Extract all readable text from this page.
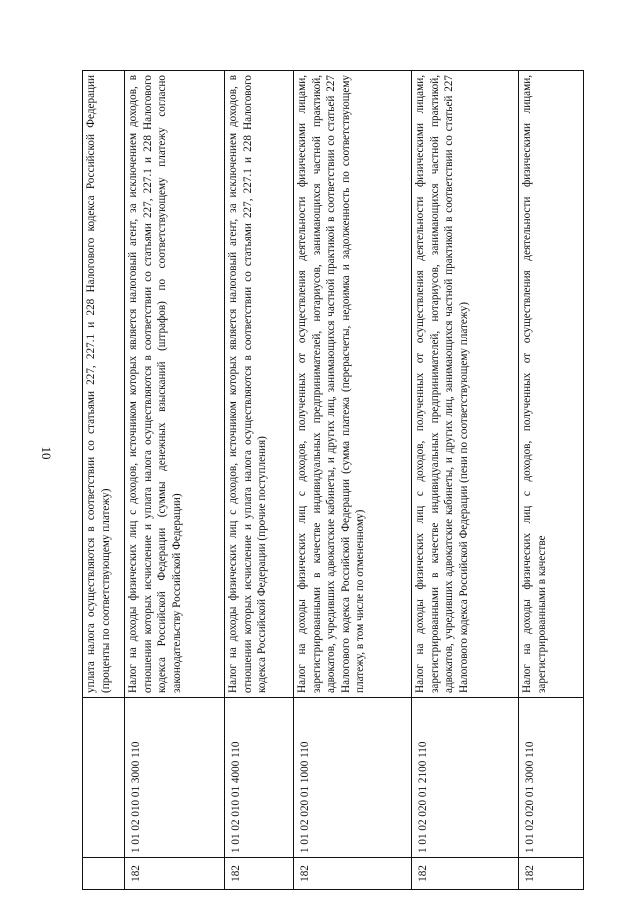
10
			уплата налога осуществляются в соответствии со статьями 227, 227.1 и 228 Налогового кодекса Российской Федерации (проценты по соответствующему платежу)
182	1 01 02 010 01 3000 110	Налог на доходы физических лиц с доходов, источником которых является налоговый агент, за исключением доходов, в отношении которых исчисление и уплата налога осуществляются в соответствии со статьями 227, 227.1 и 228 Налогового кодекса Российской Федерации (суммы денежных взысканий (штрафов) по соответствующему платежу согласно законодательству Российской Федерации)
182	1 01 02 010 01 4000 110	Налог на доходы физических лиц с доходов, источником которых является налоговый агент, за исключением доходов, в отношении которых исчисление и уплата налога осуществляются в соответствии со статьями 227, 227.1 и 228 Налогового кодекса Российской Федерации (прочие поступления)
182	1 01 02 020 01 1000 110	Налог на доходы физических лиц с доходов, полученных от осуществления деятельности физическими лицами, зарегистрированными в качестве индивидуальных предпринимателей, нотариусов, занимающихся частной практикой, адвокатов, учредивших адвокатские кабинеты, и других лиц, занимающихся частной практикой в соответствии со статьей 227 Налогового кодекса Российской Федерации (сумма платежа (перерасчеты, недоимка и задолженность по соответствующему платежу, в том числе по отмененному)
182	1 01 02 020 01 2100 110	Налог на доходы физических лиц с доходов, полученных от осуществления деятельности физическими лицами, зарегистрированными в качестве индивидуальных предпринимателей, нотариусов, занимающихся частной практикой, адвокатов, учредивших адвокатские кабинеты, и других лиц, занимающихся частной практикой в соответствии со статьей 227 Налогового кодекса Российской Федерации (пени по соответствующему платежу)
182	1 01 02 020 01 3000 110	Налог на доходы физических лиц с доходов, полученных от осуществления деятельности физическими лицами, зарегистрированными в качестве
